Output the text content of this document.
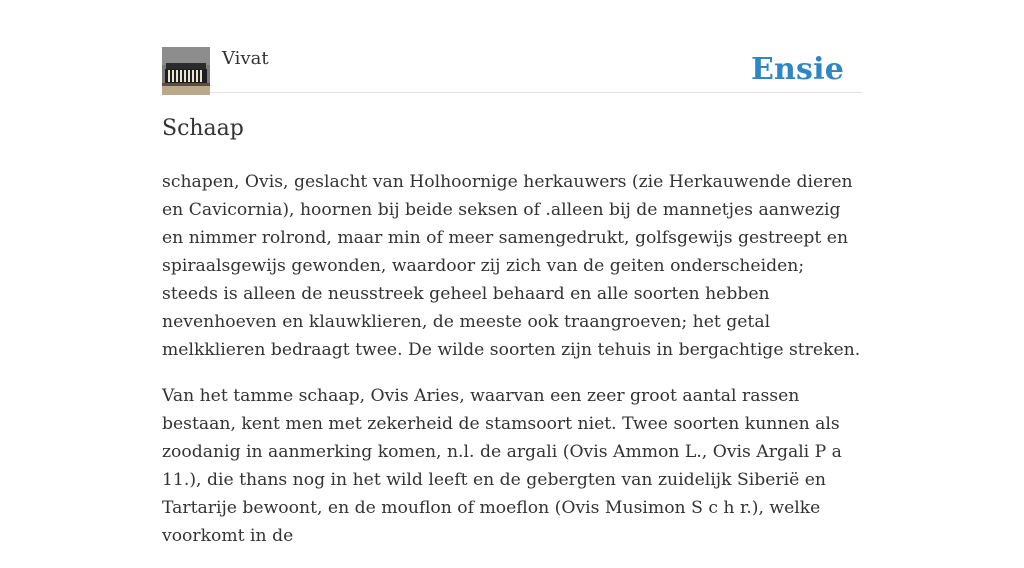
Vivat	Ensie
Schaap

schapen, Ovis, geslacht van Holhoornige herkauwers (zie Herkauwende dieren en Cavicornia), hoornen bij beide seksen of .alleen bij de mannetjes aanwezig en nimmer rolrond, maar min of meer samengedrukt, golfsgewijs gestreept en spiraalsgewijs gewonden, waardoor zij zich van de geiten onderscheiden; steeds is alleen de neusstreek geheel behaard en alle soorten hebben nevenhoeven en klauwklieren, de meeste ook traangroeven; het getal melkklieren bedraagt twee. De wilde soorten zijn tehuis in bergachtige streken.

Van het tamme schaap, Ovis Aries, waarvan een zeer groot aantal rassen bestaan, kent men met zekerheid de stamsoort niet. Twee soorten kunnen als zoodanig in aanmerking komen, n.l. de argali (Ovis Ammon L., Ovis Argali P a 11.), die thans nog in het wild leeft en de gebergten van zuidelijk Siberië en Tartarije bewoont, en de mouflon of moeflon (Ovis Musimon S c h r.), welke voorkomt in de
